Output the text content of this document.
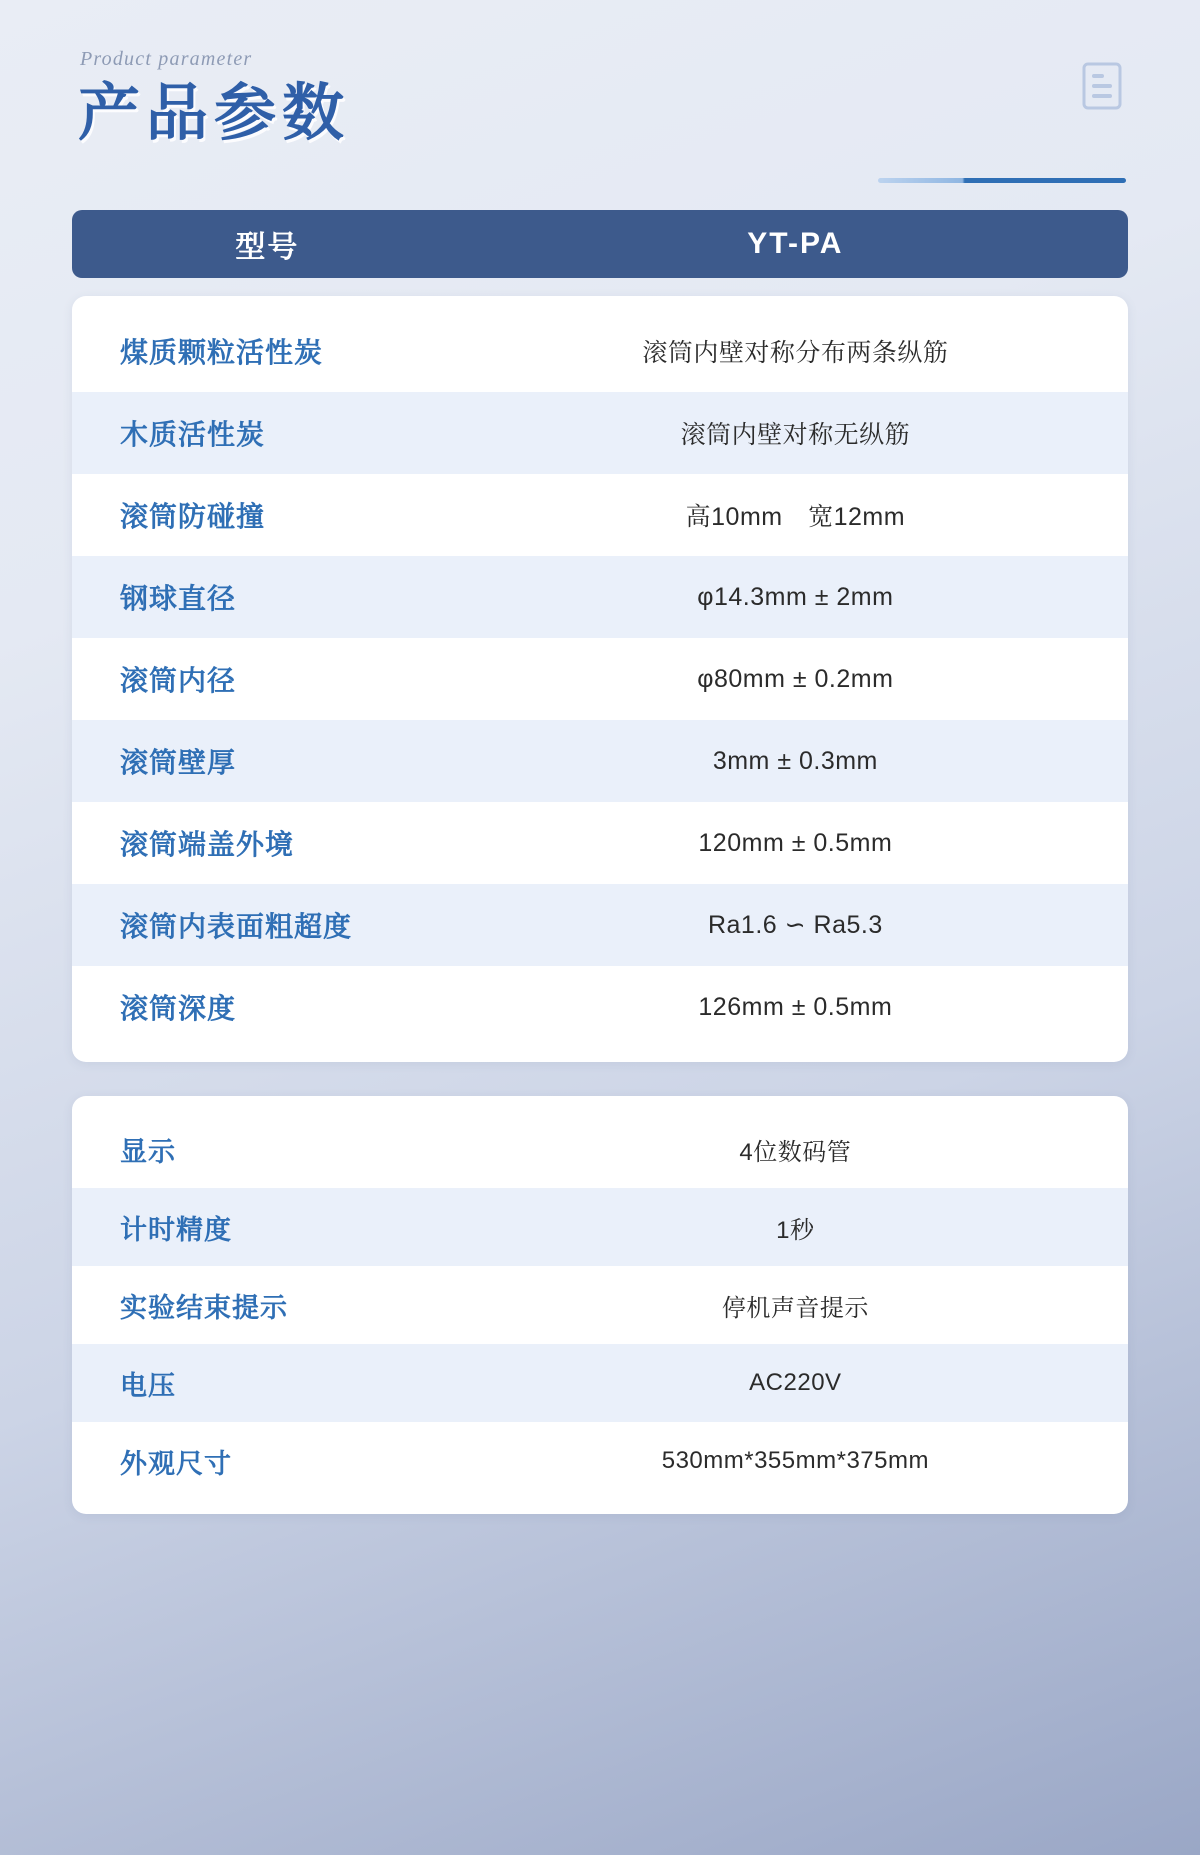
Product parameter
产品参数
型号	YT-PA
煤质颗粒活性炭	滚筒内壁对称分布两条纵筋
木质活性炭	滚筒内壁对称无纵筋
滚筒防碰撞	高10mm　宽12mm
钢球直径	φ14.3mm ± 2mm
滚筒内径	φ80mm ± 0.2mm
滚筒壁厚	3mm ± 0.3mm
滚筒端盖外境	120mm ± 0.5mm
滚筒内表面粗超度	Ra1.6 ∽ Ra5.3
滚筒深度	126mm ± 0.5mm
显示	4位数码管
计时精度	1秒
实验结束提示	停机声音提示
电压	AC220V
外观尺寸	530mm*355mm*375mm
